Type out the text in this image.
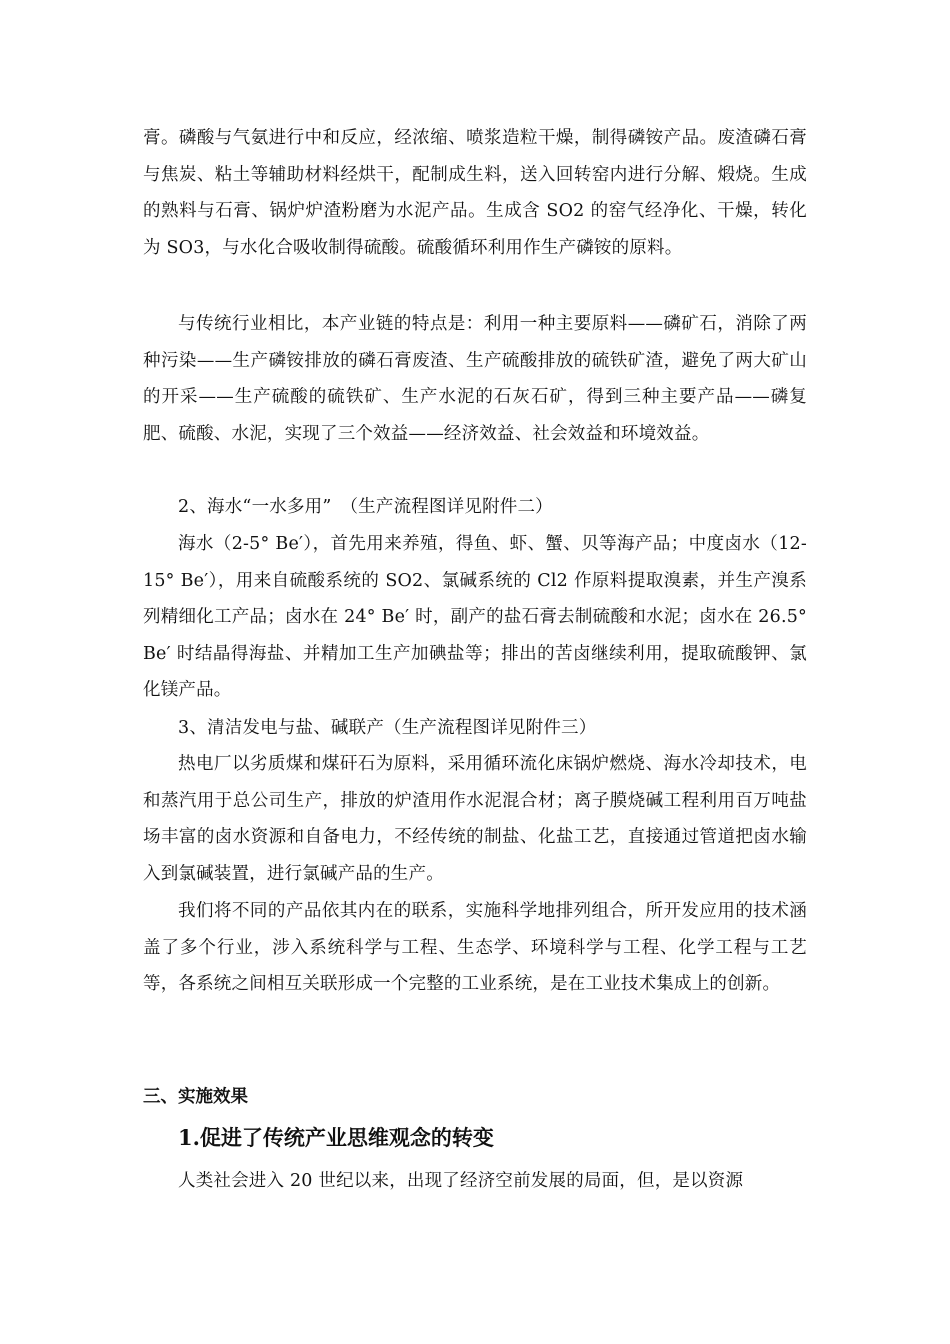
膏。磷酸与气氨进行中和反应，经浓缩、喷浆造粒干燥，制得磷铵产品。废渣磷石膏与焦炭、粘土等辅助材料经烘干，配制成生料，送入回转窑内进行分解、煅烧。生成的熟料与石膏、锅炉炉渣粉磨为水泥产品。生成含 SO2 的窑气经净化、干燥，转化为 SO3，与水化合吸收制得硫酸。硫酸循环利用作生产磷铵的原料。

与传统行业相比，本产业链的特点是：利用一种主要原料——磷矿石，消除了两种污染——生产磷铵排放的磷石膏废渣、生产硫酸排放的硫铁矿渣，避免了两大矿山的开采——生产硫酸的硫铁矿、生产水泥的石灰石矿，得到三种主要产品——磷复肥、硫酸、水泥，实现了三个效益——经济效益、社会效益和环境效益。

2、海水“一水多用”　（生产流程图详见附件二）

海水（2-5° Be′），首先用来养殖，得鱼、虾、蟹、贝等海产品；中度卤水（12-15° Be′），用来自硫酸系统的 SO2、氯碱系统的 Cl2 作原料提取溴素，并生产溴系列精细化工产品；卤水在 24° Be′ 时，副产的盐石膏去制硫酸和水泥；卤水在 26.5° Be′ 时结晶得海盐、并精加工生产加碘盐等；排出的苦卤继续利用，提取硫酸钾、氯化镁产品。

3、清洁发电与盐、碱联产（生产流程图详见附件三）

热电厂以劣质煤和煤矸石为原料，采用循环流化床锅炉燃烧、海水冷却技术，电和蒸汽用于总公司生产，排放的炉渣用作水泥混合材；离子膜烧碱工程利用百万吨盐场丰富的卤水资源和自备电力，不经传统的制盐、化盐工艺，直接通过管道把卤水输入到氯碱装置，进行氯碱产品的生产。

我们将不同的产品依其内在的联系，实施科学地排列组合，所开发应用的技术涵盖了多个行业，涉入系统科学与工程、生态学、环境科学与工程、化学工程与工艺等，各系统之间相互关联形成一个完整的工业系统，是在工业技术集成上的创新。

三、实施效果
1.促进了传统产业思维观念的转变

人类社会进入 20 世纪以来，出现了经济空前发展的局面，但，是以资源
